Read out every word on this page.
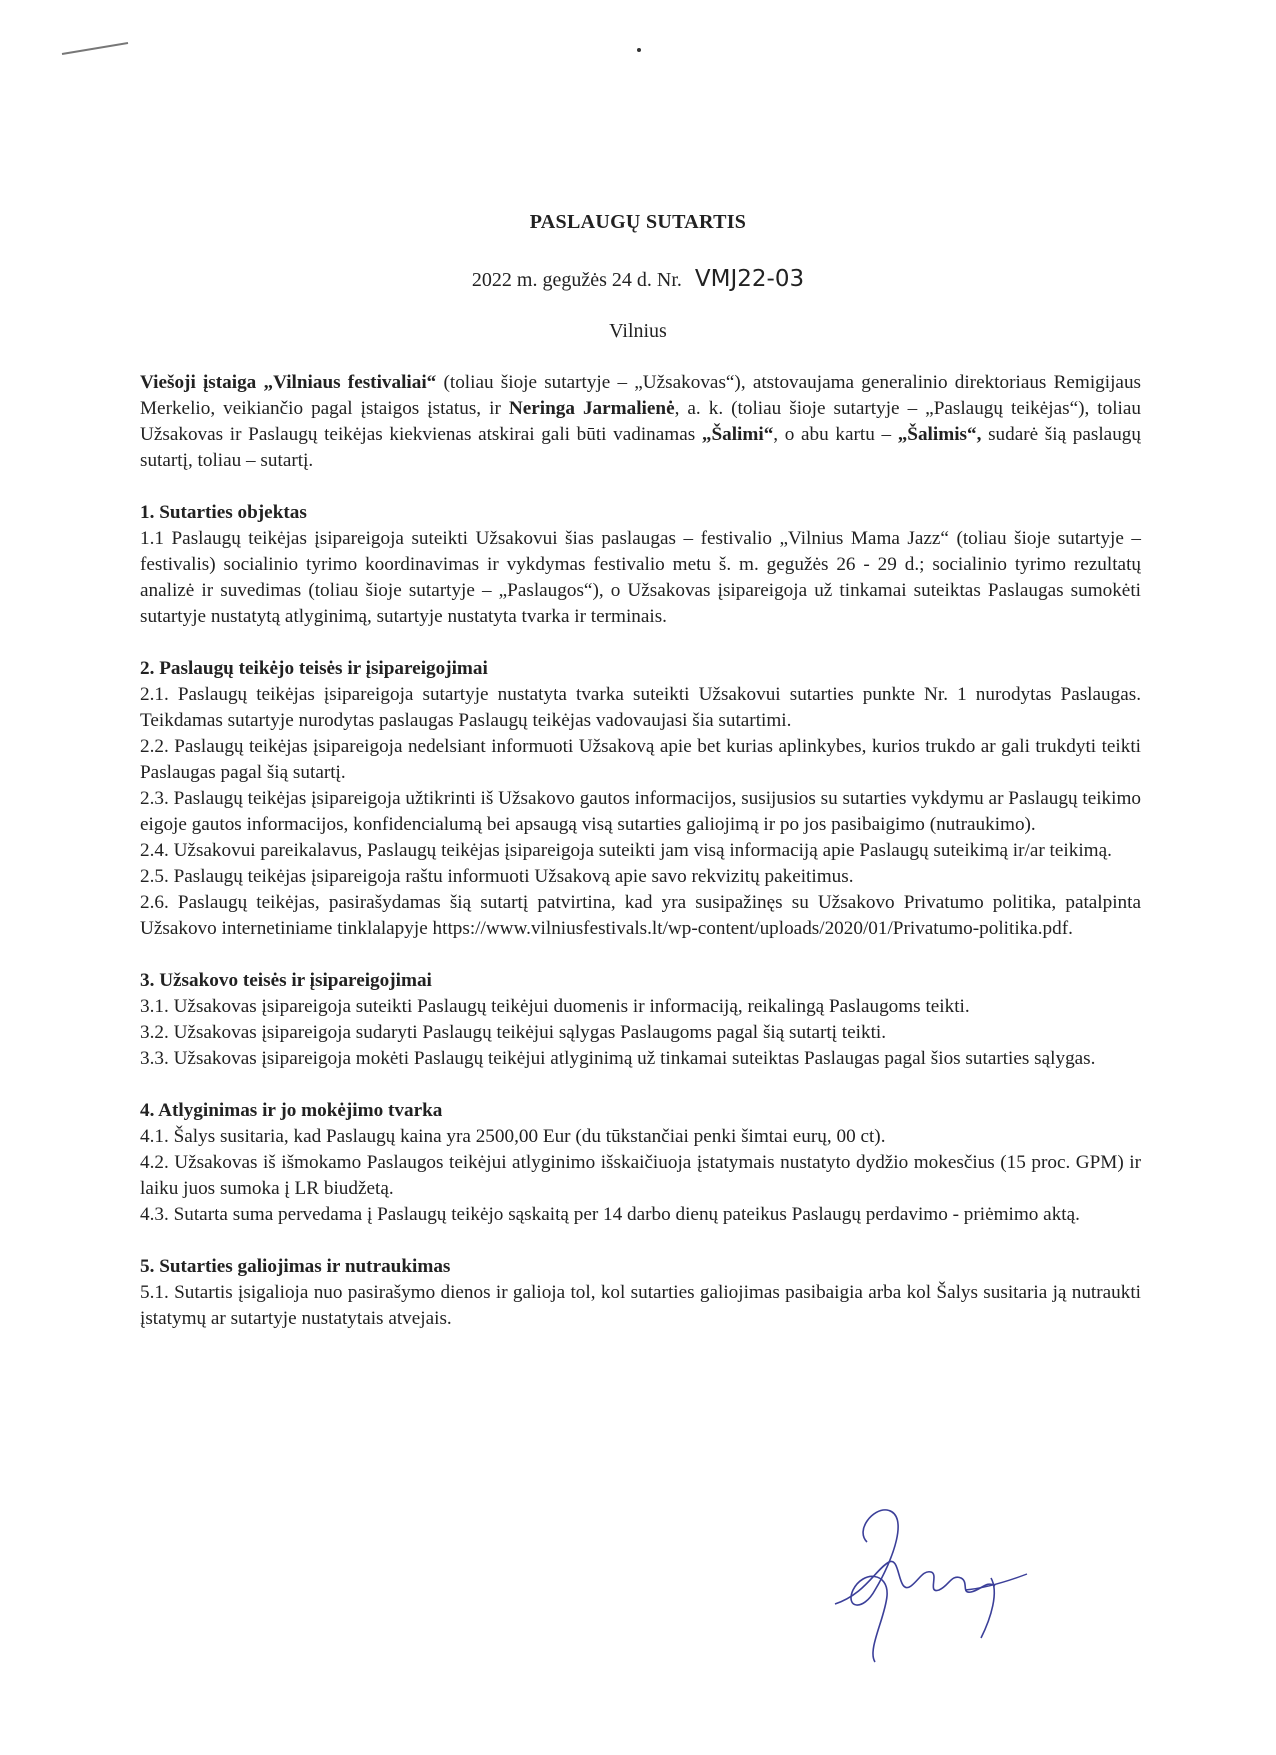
PASLAUGŲ SUTARTIS
2022 m. gegužės 24 d. Nr. VMJ22-03
Vilnius

Viešoji įstaiga „Vilniaus festivaliai“ (toliau šioje sutartyje – „Užsakovas“), atstovaujama generalinio direktoriaus Remigijaus Merkelio, veikiančio pagal įstaigos įstatus, ir Neringa Jarmalienė, a. k. (toliau šioje sutartyje – „Paslaugų teikėjas“), toliau Užsakovas ir Paslaugų teikėjas kiekvienas atskirai gali būti vadinamas „Šalimi“, o abu kartu – „Šalimis“, sudarė šią paslaugų sutartį, toliau – sutartį.

1. Sutarties objektas

1.1 Paslaugų teikėjas įsipareigoja suteikti Užsakovui šias paslaugas – festivalio „Vilnius Mama Jazz“ (toliau šioje sutartyje – festivalis) socialinio tyrimo koordinavimas ir vykdymas festivalio metu š. m. gegužės 26 - 29 d.; socialinio tyrimo rezultatų analizė ir suvedimas (toliau šioje sutartyje – „Paslaugos“), o Užsakovas įsipareigoja už tinkamai suteiktas Paslaugas sumokėti sutartyje nustatytą atlyginimą, sutartyje nustatyta tvarka ir terminais.

2. Paslaugų teikėjo teisės ir įsipareigojimai

2.1. Paslaugų teikėjas įsipareigoja sutartyje nustatyta tvarka suteikti Užsakovui sutarties punkte Nr. 1 nurodytas Paslaugas. Teikdamas sutartyje nurodytas paslaugas Paslaugų teikėjas vadovaujasi šia sutartimi.

2.2. Paslaugų teikėjas įsipareigoja nedelsiant informuoti Užsakovą apie bet kurias aplinkybes, kurios trukdo ar gali trukdyti teikti Paslaugas pagal šią sutartį.

2.3. Paslaugų teikėjas įsipareigoja užtikrinti iš Užsakovo gautos informacijos, susijusios su sutarties vykdymu ar Paslaugų teikimo eigoje gautos informacijos, konfidencialumą bei apsaugą visą sutarties galiojimą ir po jos pasibaigimo (nutraukimo).

2.4. Užsakovui pareikalavus, Paslaugų teikėjas įsipareigoja suteikti jam visą informaciją apie Paslaugų suteikimą ir/ar teikimą.

2.5. Paslaugų teikėjas įsipareigoja raštu informuoti Užsakovą apie savo rekvizitų pakeitimus.

2.6. Paslaugų teikėjas, pasirašydamas šią sutartį patvirtina, kad yra susipažinęs su Užsakovo Privatumo politika, patalpinta Užsakovo internetiniame tinklalapyje https://www.vilniusfestivals.lt/wp-content/uploads/2020/01/Privatumo-politika.pdf.

3. Užsakovo teisės ir įsipareigojimai

3.1. Užsakovas įsipareigoja suteikti Paslaugų teikėjui duomenis ir informaciją, reikalingą Paslaugoms teikti.

3.2. Užsakovas įsipareigoja sudaryti Paslaugų teikėjui sąlygas Paslaugoms pagal šią sutartį teikti.

3.3. Užsakovas įsipareigoja mokėti Paslaugų teikėjui atlyginimą už tinkamai suteiktas Paslaugas pagal šios sutarties sąlygas.

4. Atlyginimas ir jo mokėjimo tvarka

4.1. Šalys susitaria, kad Paslaugų kaina yra 2500,00 Eur (du tūkstančiai penki šimtai eurų, 00 ct).

4.2. Užsakovas iš išmokamo Paslaugos teikėjui atlyginimo išskaičiuoja įstatymais nustatyto dydžio mokesčius (15 proc. GPM) ir laiku juos sumoka į LR biudžetą.

4.3. Sutarta suma pervedama į Paslaugų teikėjo sąskaitą per 14 darbo dienų pateikus Paslaugų perdavimo - priėmimo aktą.

5. Sutarties galiojimas ir nutraukimas

5.1. Sutartis įsigalioja nuo pasirašymo dienos ir galioja tol, kol sutarties galiojimas pasibaigia arba kol Šalys susitaria ją nutraukti įstatymų ar sutartyje nustatytais atvejais.
